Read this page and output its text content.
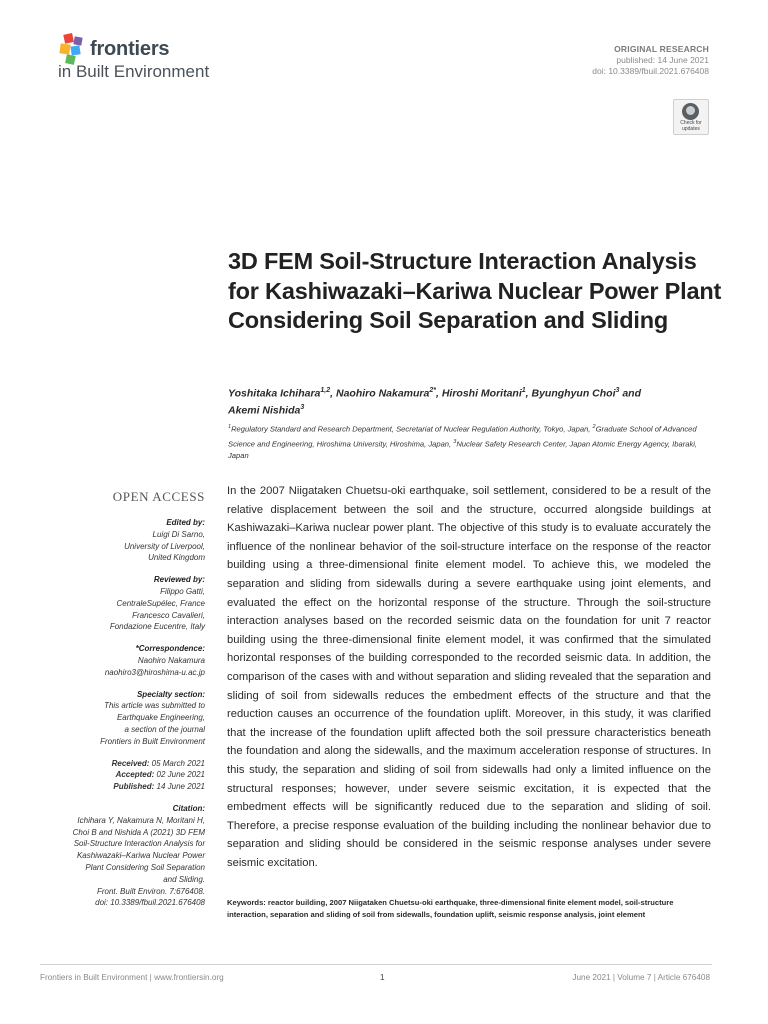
frontiers
in Built Environment
ORIGINAL RESEARCH
published: 14 June 2021
doi: 10.3389/fbuil.2021.676408
Check for updates
3D FEM Soil-Structure Interaction Analysis for Kashiwazaki–Kariwa Nuclear Power Plant Considering Soil Separation and Sliding
Yoshitaka Ichihara$^{1,2}$, Naohiro Nakamura$^{2*}$, Hiroshi Moritani$^1$, Byunghyun Choi$^3$ and
Akemi Nishida$^3$
$^1$Regulatory Standard and Research Department, Secretariat of Nuclear Regulation Authority, Tokyo, Japan, $^2$Graduate School of Advanced Science and Engineering, Hiroshima University, Hiroshima, Japan, $^3$Nuclear Safety Research Center, Japan Atomic Energy Agency, Ibaraki, Japan
OPEN ACCESS
Edited by:
Luigi Di Sarno,
University of Liverpool,
United Kingdom
Reviewed by:
Filippo Gatti,
CentraleSupélec, France
Francesco Cavalieri,
Fondazione Eucentre, Italy
*Correspondence:
Naohiro Nakamura
naohiro3@hiroshima-u.ac.jp
Specialty section:
This article was submitted to
Earthquake Engineering,
a section of the journal
Frontiers in Built Environment
Received: 05 March 2021
Accepted: 02 June 2021
Published: 14 June 2021
Citation:
Ichihara Y, Nakamura N, Moritani H,
Choi B and Nishida A (2021) 3D FEM
Soil-Structure Interaction Analysis for
Kashiwazaki–Kariwa Nuclear Power
Plant Considering Soil Separation
and Sliding.
Front. Built Environ. 7:676408.
doi: 10.3389/fbuil.2021.676408
In the 2007 Niigataken Chuetsu-oki earthquake, soil settlement, considered to be a result of the relative displacement between the soil and the structure, occurred alongside buildings at Kashiwazaki–Kariwa nuclear power plant. The objective of this study is to evaluate accurately the influence of the nonlinear behavior of the soil-structure interface on the response of the reactor building using a three-dimensional finite element model. To achieve this, we modeled the separation and sliding from sidewalls during a severe earthquake using joint elements, and evaluated the effect on the horizontal response of the structure. Through the soil-structure interaction analyses based on the recorded seismic data on the foundation for unit 7 reactor building using the three-dimensional finite element model, it was confirmed that the simulated horizontal responses of the building corresponded to the recorded seismic data. In addition, the comparison of the cases with and without separation and sliding revealed that the separation and sliding of soil from sidewalls reduces the embedment effects of the structure and that the reduction causes an occurrence of the foundation uplift. Moreover, in this study, it was clarified that the increase of the foundation uplift affected both the soil pressure characteristics beneath the foundation and along the sidewalls, and the maximum acceleration response of structures. In this study, the separation and sliding of soil from sidewalls had only a limited influence on the structural responses; however, under severe seismic excitation, it is expected that the embedment effects will be significantly reduced due to the separation and sliding of soil. Therefore, a precise response evaluation of the building including the nonlinear behavior due to separation and sliding should be considered in the seismic response analyses under severe seismic excitation.
Keywords: reactor building, 2007 Niigataken Chuetsu-oki earthquake, three-dimensional finite element model, soil-structure interaction, separation and sliding of soil from sidewalls, foundation uplift, seismic response analysis, joint element
Frontiers in Built Environment | www.frontiersin.org	1	June 2021 | Volume 7 | Article 676408
